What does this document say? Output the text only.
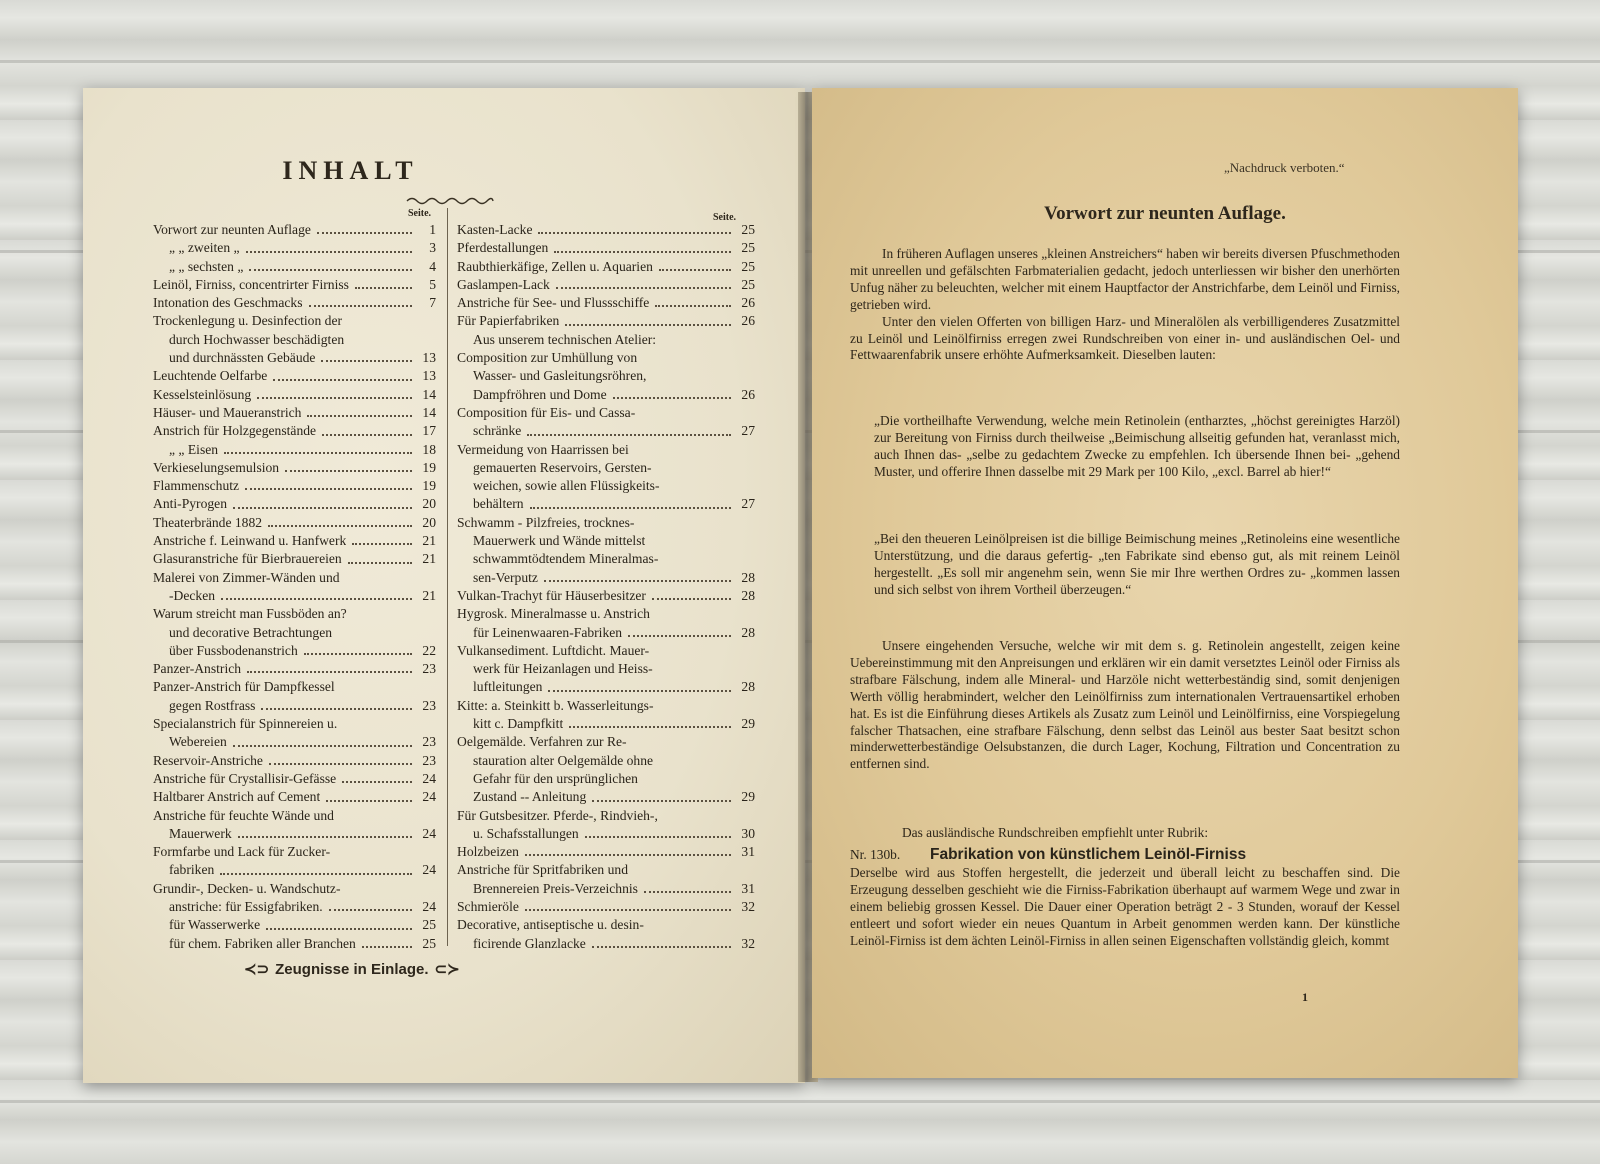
INHALT
Seite.	Seite.
Vorwort zur neunten Auflage	1
„ „ zweiten „	3
„ „ sechsten „	4
Leinöl, Firniss, concentrirter Firniss	5
Intonation des Geschmacks	7
Trockenlegung u. Desinfection der
durch Hochwasser beschädigten
und durchnässten Gebäude	13
Leuchtende Oelfarbe	13
Kesselsteinlösung	14
Häuser- und Maueranstrich	14
Anstrich für Holzgegenstände	17
„ „ Eisen	18
Verkieselungsemulsion	19
Flammenschutz	19
Anti-Pyrogen	20
Theaterbrände 1882	20
Anstriche f. Leinwand u. Hanfwerk	21
Glasuranstriche für Bierbrauereien	21
Malerei von Zimmer-Wänden und
-Decken	21
Warum streicht man Fussböden an?
und decorative Betrachtungen
über Fussbodenanstrich	22
Panzer-Anstrich	23
Panzer-Anstrich für Dampfkessel
gegen Rostfrass	23
Specialanstrich für Spinnereien u.
Webereien	23
Reservoir-Anstriche	23
Anstriche für Crystallisir-Gefässe	24
Haltbarer Anstrich auf Cement	24
Anstriche für feuchte Wände und
Mauerwerk	24
Formfarbe und Lack für Zucker-
fabriken	24
Grundir-, Decken- u. Wandschutz-
anstriche: für Essigfabriken.	24
für Wasserwerke	25
für chem. Fabriken aller Branchen	25
Kasten-Lacke	25
Pferdestallungen	25
Raubthierkäfige, Zellen u. Aquarien	25
Gaslampen-Lack	25
Anstriche für See- und Flussschiffe	26
Für Papierfabriken	26
Aus unserem technischen Atelier:
Composition zur Umhüllung von
Wasser- und Gasleitungsröhren,
Dampfröhren und Dome	26
Composition für Eis- und Cassa-
schränke	27
Vermeidung von Haarrissen bei
gemauerten Reservoirs, Gersten-
weichen, sowie allen Flüssigkeits-
behältern	27
Schwamm - Pilzfreies, trocknes-
Mauerwerk und Wände mittelst
schwammtödtendem Mineralmas-
sen-Verputz	28
Vulkan-Trachyt für Häuserbesitzer	28
Hygrosk. Mineralmasse u. Anstrich
für Leinenwaaren-Fabriken	28
Vulkansediment. Luftdicht. Mauer-
werk für Heizanlagen und Heiss-
luftleitungen	28
Kitte: a. Steinkitt b. Wasserleitungs-
kitt c. Dampfkitt	29
Oelgemälde. Verfahren zur Re-
stauration alter Oelgemälde ohne
Gefahr für den ursprünglichen
Zustand -- Anleitung	29
Für Gutsbesitzer. Pferde-, Rindvieh-,
u. Schafsstallungen	30
Holzbeizen	31
Anstriche für Spritfabriken und
Brennereien Preis-Verzeichnis	31
Schmieröle	32
Decorative, antiseptische u. desin-
ficirende Glanzlacke	32
≺⊃ Zeugnisse in Einlage. ⊂≻
„Nachdruck verboten.“
Vorwort zur neunten Auflage.

In früheren Auflagen unseres „kleinen Anstreichers“ haben wir bereits diversen Pfuschmethoden mit unreellen und gefälschten Farbmaterialien gedacht, jedoch unterliessen wir bisher den unerhörten Unfug näher zu beleuchten, welcher mit einem Hauptfactor der Anstrichfarbe, dem Leinöl und Firniss, getrieben wird.

Unter den vielen Offerten von billigen Harz- und Mineralölen als verbilligenderes Zusatzmittel zu Leinöl und Leinölfirniss erregen zwei Rundschreiben von einer in- und ausländischen Oel- und Fettwaarenfabrik unsere erhöhte Aufmerksamkeit. Dieselben lauten:

„Die vortheilhafte Verwendung, welche mein Retinolein (entharztes, „höchst gereinigtes Harzöl) zur Bereitung von Firniss durch theilweise „Beimischung allseitig gefunden hat, veranlasst mich, auch Ihnen das- „selbe zu gedachtem Zwecke zu empfehlen. Ich übersende Ihnen bei- „gehend Muster, und offerire Ihnen dasselbe mit 29 Mark per 100 Kilo, „excl. Barrel ab hier!“

„Bei den theueren Leinölpreisen ist die billige Beimischung meines „Retinoleins eine wesentliche Unterstützung, und die daraus gefertig- „ten Fabrikate sind ebenso gut, als mit reinem Leinöl hergestellt. „Es soll mir angenehm sein, wenn Sie mir Ihre werthen Ordres zu- „kommen lassen und sich selbst von ihrem Vortheil überzeugen.“

Unsere eingehenden Versuche, welche wir mit dem s. g. Retinolein angestellt, zeigen keine Uebereinstimmung mit den Anpreisungen und erklären wir ein damit versetztes Leinöl oder Firniss als strafbare Fälschung, indem alle Mineral- und Harzöle nicht wetterbeständig sind, somit denjenigen Werth völlig herabmindert, welcher den Leinölfirniss zum internationalen Vertrauensartikel erhoben hat. Es ist die Einführung dieses Artikels als Zusatz zum Leinöl und Leinölfirniss, eine Vorspiegelung falscher Thatsachen, eine strafbare Fälschung, denn selbst das Leinöl aus bester Saat besitzt schon minderwetterbeständige Oelsubstanzen, die durch Lager, Kochung, Filtration und Concentration zu entfernen sind.

Das ausländische Rundschreiben empfiehlt unter Rubrik:

Nr. 130b.	Fabrikation von künstlichem Leinöl-Firniss

Derselbe wird aus Stoffen hergestellt, die jederzeit und überall leicht zu beschaffen sind. Die Erzeugung desselben geschieht wie die Firniss-Fabrikation überhaupt auf warmem Wege und zwar in einem beliebig grossen Kessel. Die Dauer einer Operation beträgt 2 - 3 Stunden, worauf der Kessel entleert und sofort wieder ein neues Quantum in Arbeit genommen werden kann. Der künstliche Leinöl-Firniss ist dem ächten Leinöl-Firniss in allen seinen Eigenschaften vollständig gleich, kommt

1
